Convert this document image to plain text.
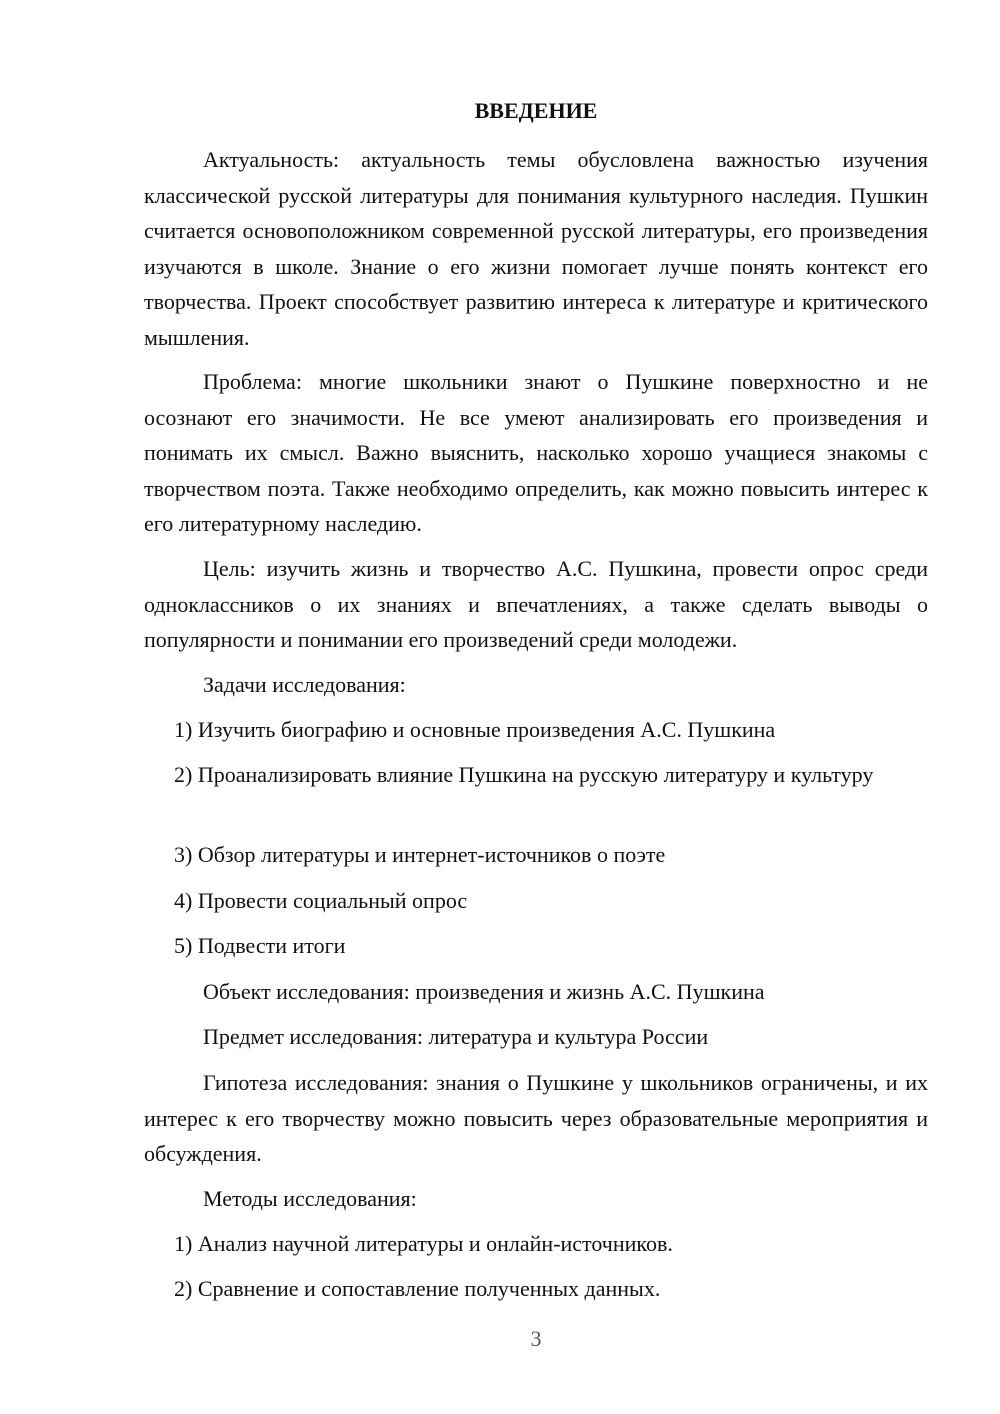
ВВЕДЕНИЕ

Актуальность: актуальность темы обусловлена важностью изучения классической русской литературы для понимания культурного наследия. Пушкин считается основоположником современной русской литературы, его произведения изучаются в школе. Знание о его жизни помогает лучше понять контекст его творчества. Проект способствует развитию интереса к литературе и критического мышления.

Проблема: многие школьники знают о Пушкине поверхностно и не осознают его значимости. Не все умеют анализировать его произведения и понимать их смысл. Важно выяснить, насколько хорошо учащиеся знакомы с творчеством поэта. Также необходимо определить, как можно повысить интерес к его литературному наследию.

Цель: изучить жизнь и творчество А.С. Пушкина, провести опрос среди одноклассников о их знаниях и впечатлениях, а также сделать выводы о популярности и понимании его произведений среди молодежи.

Задачи исследования:

1) Изучить биографию и основные произведения А.С. Пушкина

2) Проанализировать влияние Пушкина на русскую литературу и культуру

3) Обзор литературы и интернет-источников о поэте

4) Провести социальный опрос

5) Подвести итоги

Объект исследования: произведения и жизнь А.С. Пушкина

Предмет исследования: литература и культура России

Гипотеза исследования: знания о Пушкине у школьников ограничены, и их интерес к его творчеству можно повысить через образовательные мероприятия и обсуждения.

Методы исследования:

1) Анализ научной литературы и онлайн-источников.

2) Сравнение и сопоставление полученных данных.

3
